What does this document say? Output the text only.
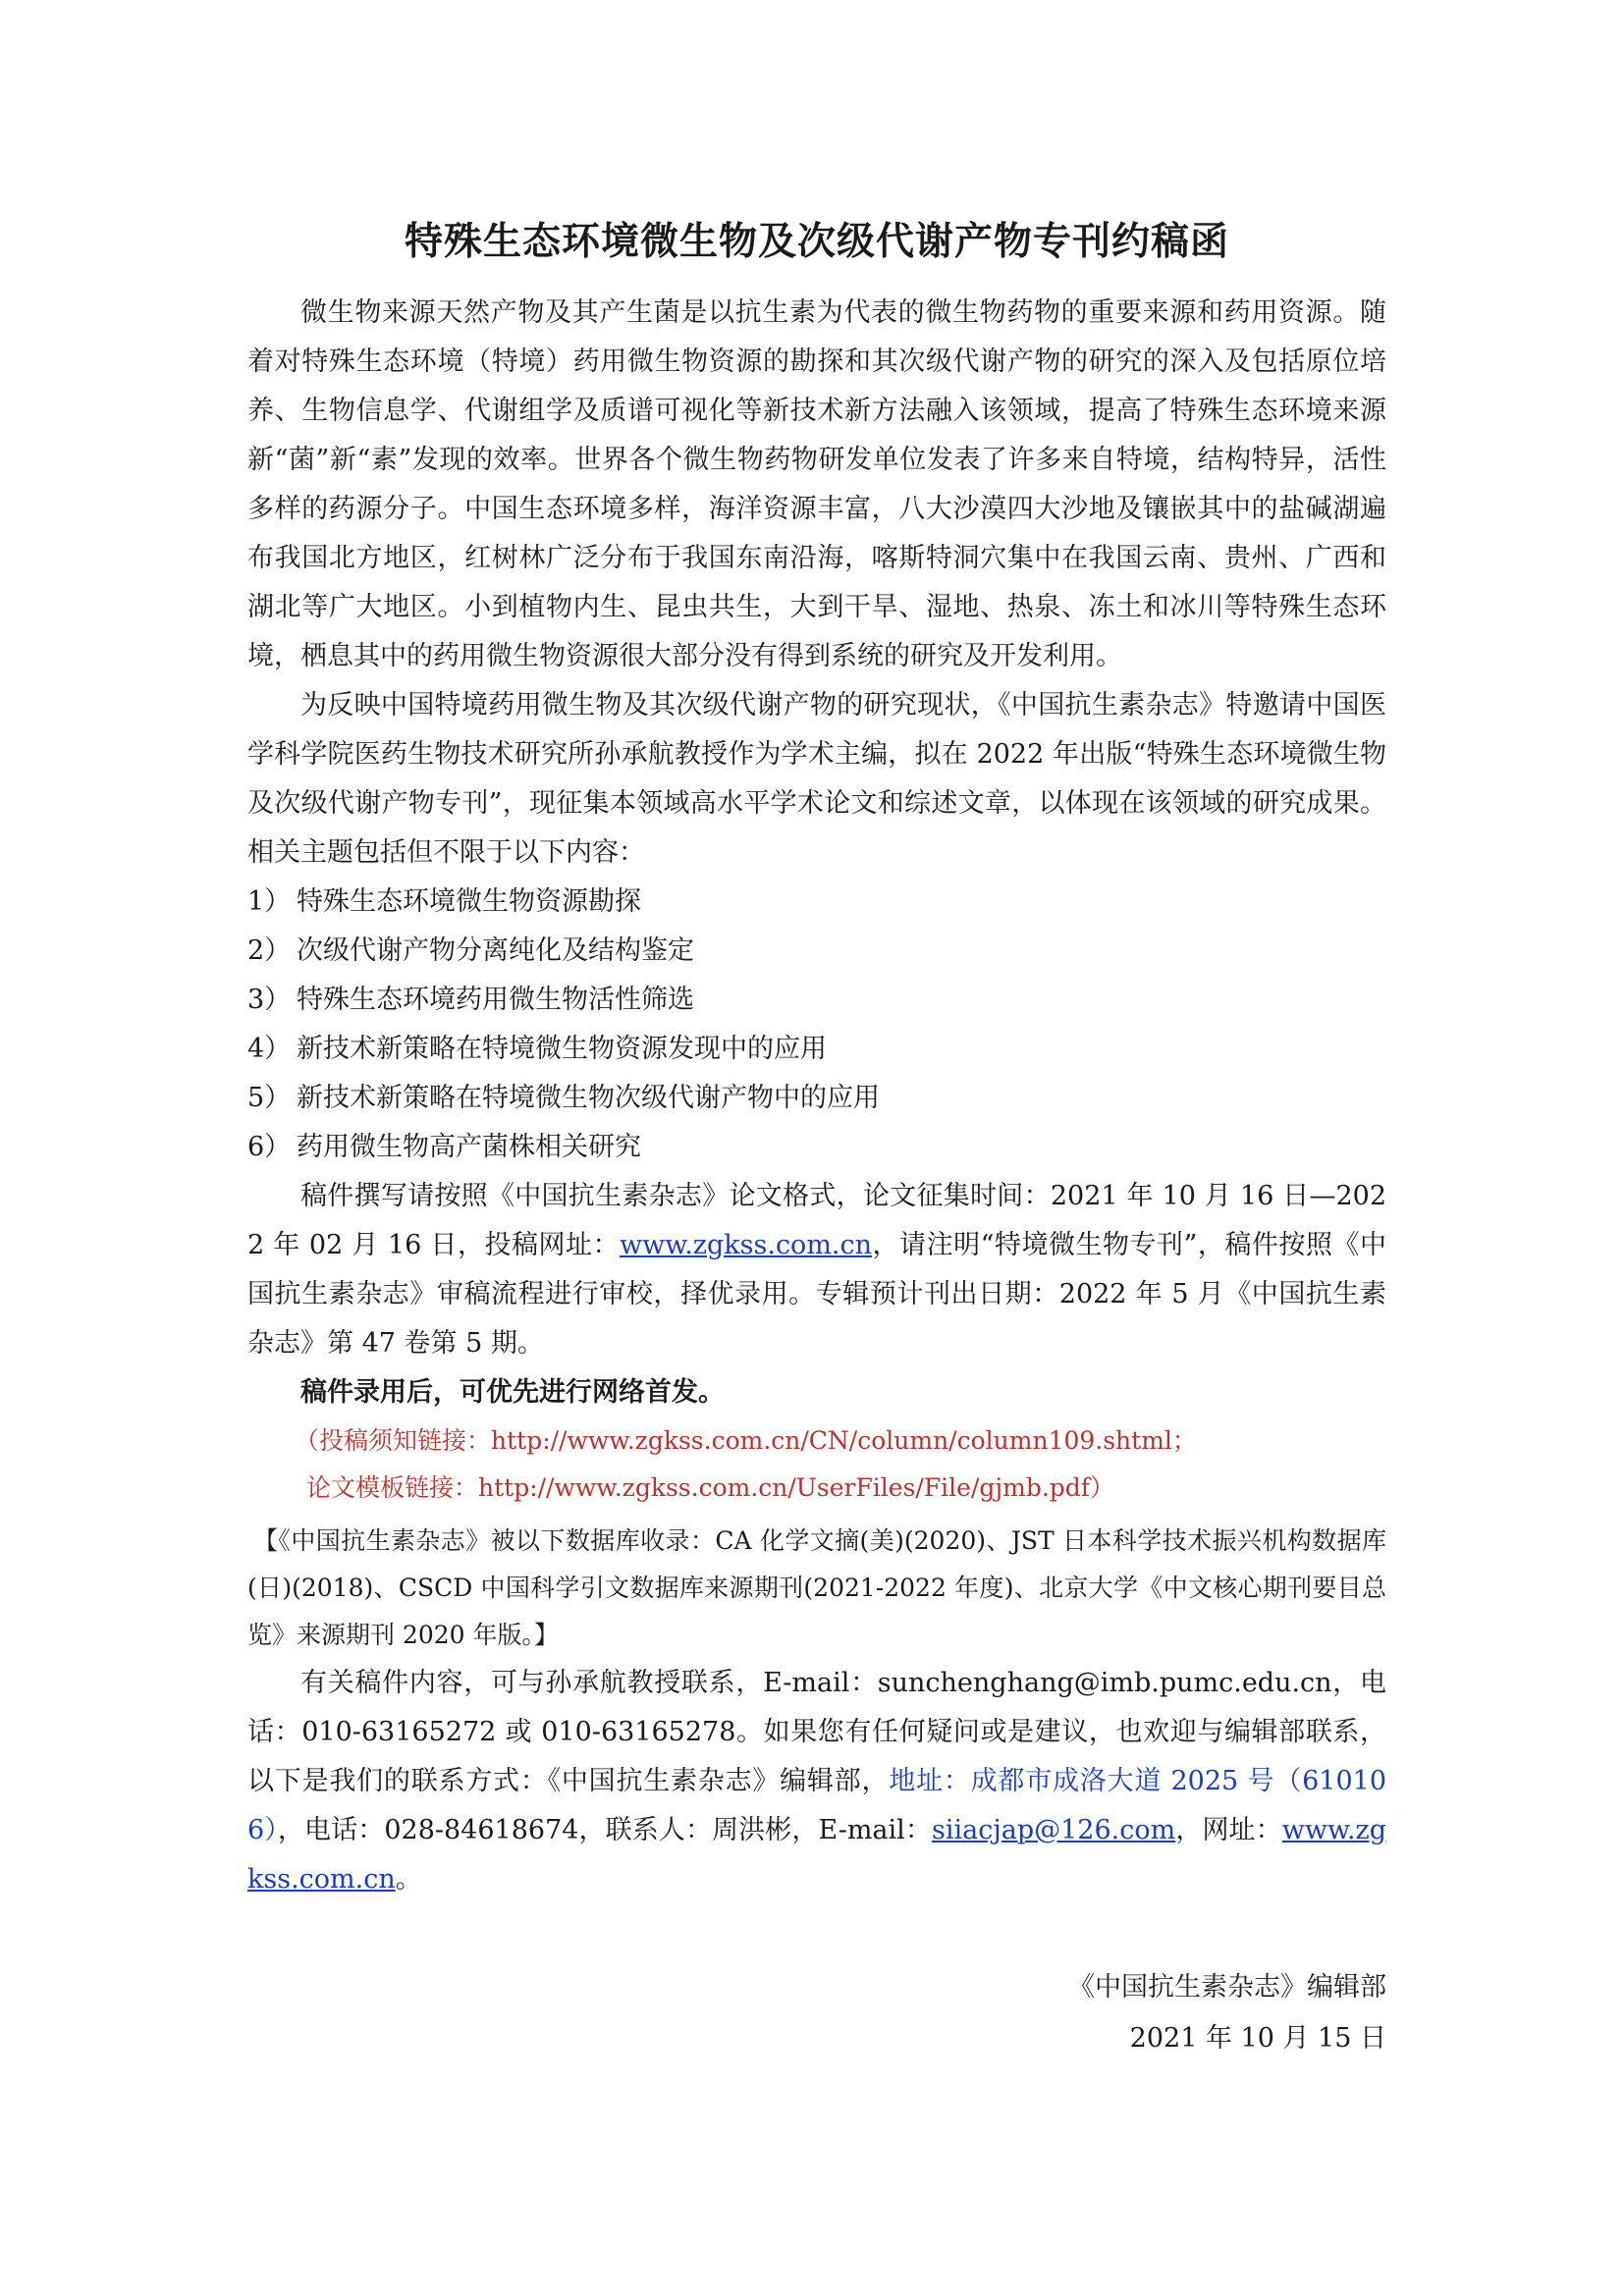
特殊生态环境微生物及次级代谢产物专刊约稿函

微生物来源天然产物及其产生菌是以抗生素为代表的微生物药物的重要来源和药用资源。随着对特殊生态环境（特境）药用微生物资源的勘探和其次级代谢产物的研究的深入及包括原位培养、生物信息学、代谢组学及质谱可视化等新技术新方法融入该领域，提高了特殊生态环境来源新“菌”新“素”发现的效率。世界各个微生物药物研发单位发表了许多来自特境，结构特异，活性多样的药源分子。中国生态环境多样，海洋资源丰富，八大沙漠四大沙地及镶嵌其中的盐碱湖遍布我国北方地区，红树林广泛分布于我国东南沿海，喀斯特洞穴集中在我国云南、贵州、广西和湖北等广大地区。小到植物内生、昆虫共生，大到干旱、湿地、热泉、冻土和冰川等特殊生态环境，栖息其中的药用微生物资源很大部分没有得到系统的研究及开发利用。

为反映中国特境药用微生物及其次级代谢产物的研究现状，《中国抗生素杂志》特邀请中国医学科学院医药生物技术研究所孙承航教授作为学术主编，拟在 2022 年出版“特殊生态环境微生物及次级代谢产物专刊”，现征集本领域高水平学术论文和综述文章，以体现在该领域的研究成果。相关主题包括但不限于以下内容：

1） 特殊生态环境微生物资源勘探

2） 次级代谢产物分离纯化及结构鉴定

3） 特殊生态环境药用微生物活性筛选

4） 新技术新策略在特境微生物资源发现中的应用

5） 新技术新策略在特境微生物次级代谢产物中的应用

6） 药用微生物高产菌株相关研究

稿件撰写请按照《中国抗生素杂志》论文格式，论文征集时间：2021 年 10 月 16 日—2022 年 02 月 16 日，投稿网址：www.zgkss.com.cn，请注明“特境微生物专刊”，稿件按照《中国抗生素杂志》审稿流程进行审校，择优录用。专辑预计刊出日期：2022 年 5 月《中国抗生素杂志》第 47 卷第 5 期。

稿件录用后，可优先进行网络首发。

（投稿须知链接：http://www.zgkss.com.cn/CN/column/column109.shtml；

论文模板链接：http://www.zgkss.com.cn/UserFiles/File/gjmb.pdf）

【《中国抗生素杂志》被以下数据库收录：CA 化学文摘(美)(2020)、JST 日本科学技术振兴机构数据库(日)(2018)、CSCD 中国科学引文数据库来源期刊(2021-2022 年度)、北京大学《中文核心期刊要目总览》来源期刊 2020 年版。】

有关稿件内容，可与孙承航教授联系，E-mail：sunchenghang@imb.pumc.edu.cn，电话：010-63165272 或 010-63165278。如果您有任何疑问或是建议，也欢迎与编辑部联系，以下是我们的联系方式：《中国抗生素杂志》编辑部，地址：成都市成洛大道 2025 号（610106），电话：028-84618674，联系人：周洪彬，E-mail：siiacjap@126.com，网址：www.zgkss.com.cn。

《中国抗生素杂志》编辑部
2021 年 10 月 15 日
